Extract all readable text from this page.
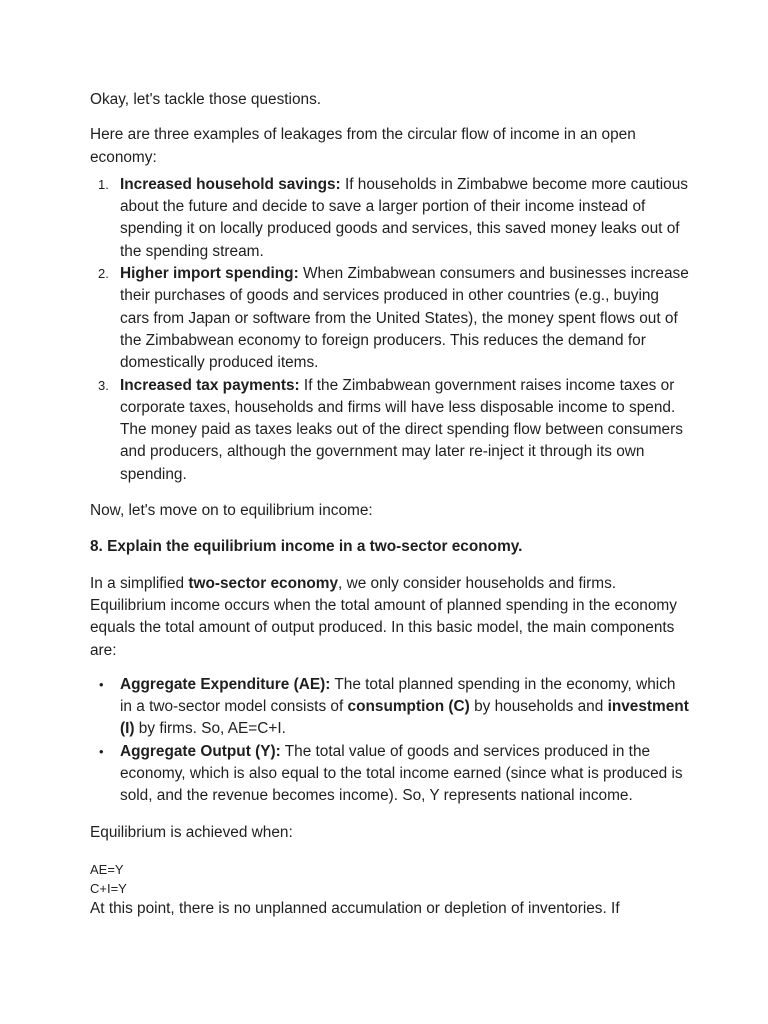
Okay, let's tackle those questions.

Here are three examples of leakages from the circular flow of income in an open economy:

1. Increased household savings: If households in Zimbabwe become more cautious about the future and decide to save a larger portion of their income instead of spending it on locally produced goods and services, this saved money leaks out of the spending stream.
2. Higher import spending: When Zimbabwean consumers and businesses increase their purchases of goods and services produced in other countries (e.g., buying cars from Japan or software from the United States), the money spent flows out of the Zimbabwean economy to foreign producers. This reduces the demand for domestically produced items.
3. Increased tax payments: If the Zimbabwean government raises income taxes or corporate taxes, households and firms will have less disposable income to spend. The money paid as taxes leaks out of the direct spending flow between consumers and producers, although the government may later re-inject it through its own spending.

Now, let's move on to equilibrium income:

8. Explain the equilibrium income in a two-sector economy.

In a simplified two-sector economy, we only consider households and firms. Equilibrium income occurs when the total amount of planned spending in the economy equals the total amount of output produced. In this basic model, the main components are:

• Aggregate Expenditure (AE): The total planned spending in the economy, which in a two-sector model consists of consumption (C) by households and investment (I) by firms. So, AE=C+I.
• Aggregate Output (Y): The total value of goods and services produced in the economy, which is also equal to the total income earned (since what is produced is sold, and the revenue becomes income). So, Y represents national income.

Equilibrium is achieved when:

AE=Y
C+I=Y

At this point, there is no unplanned accumulation or depletion of inventories. If
